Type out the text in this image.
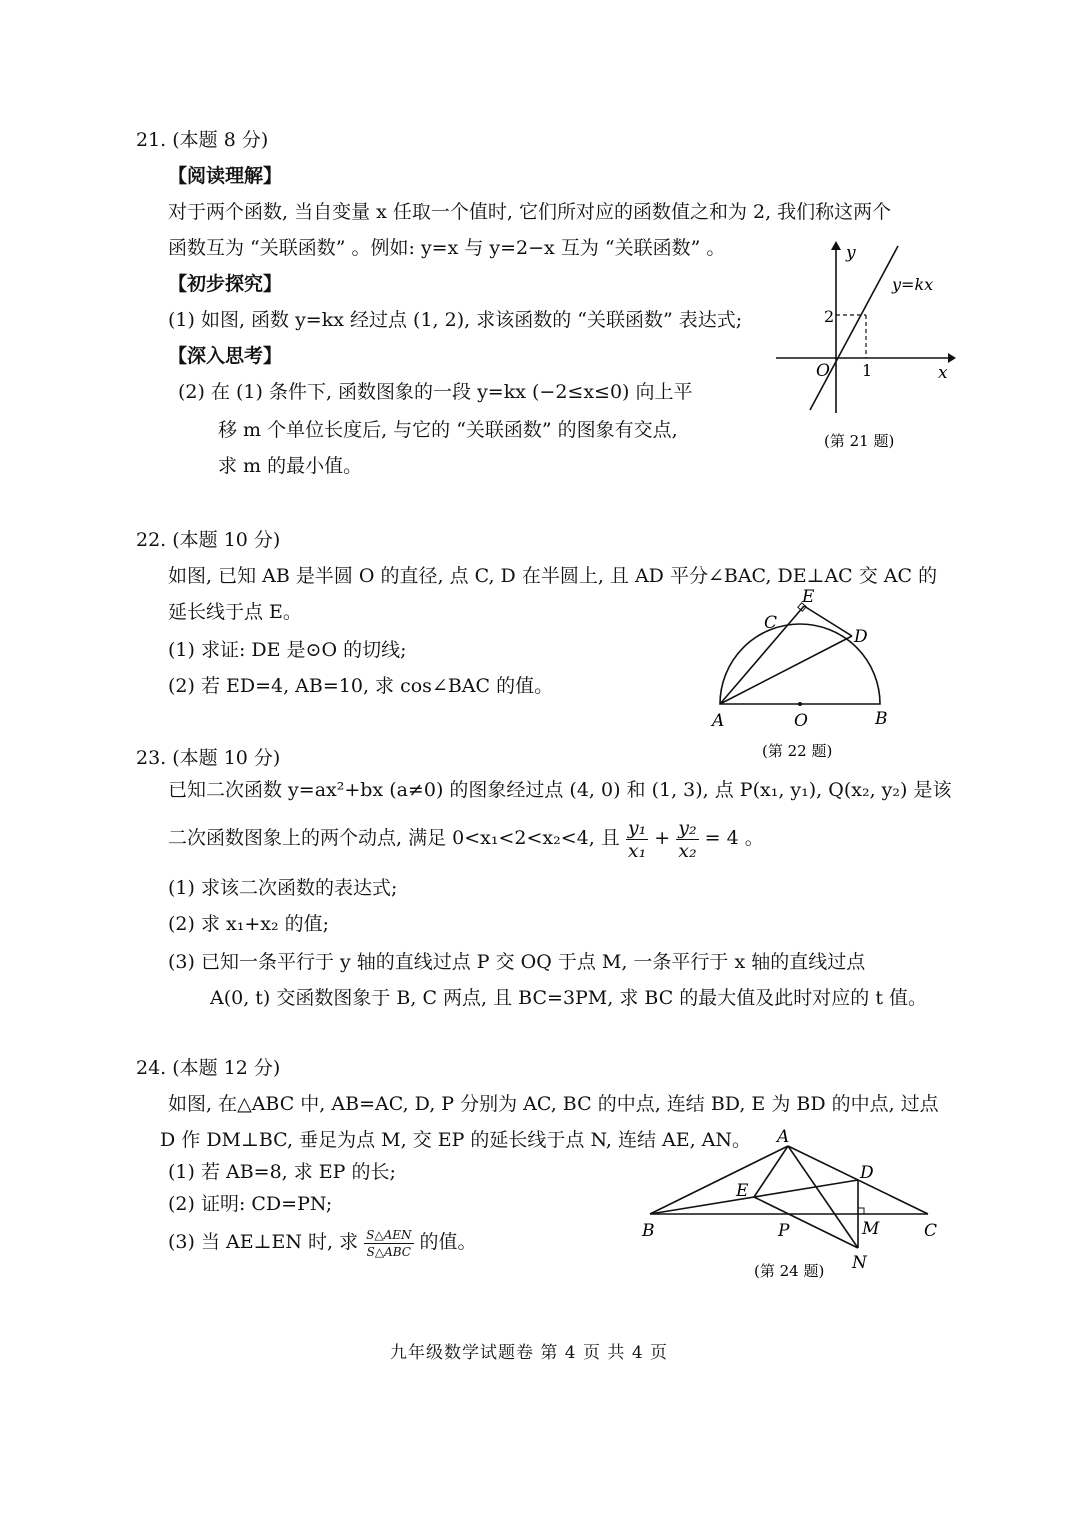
21. (本题 8 分)
【阅读理解】
对于两个函数, 当自变量 x 任取一个值时, 它们所对应的函数值之和为 2, 我们称这两个
函数互为 “关联函数” 。例如: y=x 与 y=2−x 互为 “关联函数” 。
【初步探究】
(1) 如图, 函数 y=kx 经过点 (1, 2), 求该函数的 “关联函数” 表达式;
【深入思考】
(2) 在 (1) 条件下, 函数图象的一段 y=kx (−2≤x≤0) 向上平
移 m 个单位长度后, 与它的 “关联函数” 的图象有交点,
求 m 的最小值。
y
x
O
2
1
y=kx
(第 21 题)
22. (本题 10 分)
如图, 已知 AB 是半圆 O 的直径, 点 C, D 在半圆上, 且 AD 平分∠BAC, DE⊥AC 交 AC 的
延长线于点 E。
(1) 求证: DE 是⊙O 的切线;
(2) 若 ED=4, AB=10, 求 cos∠BAC 的值。
A	O	B
C
D
E
(第 22 题)
23. (本题 10 分)
已知二次函数 y=ax²+bx (a≠0) 的图象经过点 (4, 0) 和 (1, 3), 点 P(x₁, y₁), Q(x₂, y₂) 是该
二次函数图象上的两个动点, 满足 0<x₁<2<x₂<4, 且 $\frac{\text{y₁}}{\text{x₁}} + \frac{\text{y₂}}{\text{x₂}} = 4$ 。
(1) 求该二次函数的表达式;
(2) 求 x₁+x₂ 的值;
(3) 已知一条平行于 y 轴的直线过点 P 交 OQ 于点 M, 一条平行于 x 轴的直线过点
A(0, t) 交函数图象于 B, C 两点, 且 BC=3PM, 求 BC 的最大值及此时对应的 t 值。
24. (本题 12 分)
如图, 在△ABC 中, AB=AC, D, P 分别为 AC, BC 的中点, 连结 BD, E 为 BD 的中点, 过点
D 作 DM⊥BC, 垂足为点 M, 交 EP 的延长线于点 N, 连结 AE, AN。
(1) 若 AB=8, 求 EP 的长;
(2) 证明: CD=PN;
(3) 当 AE⊥EN 时, 求 S△AEN
S△ABC 的值。
A
B	C
D
E
P	M
N
(第 24 题)
九年级数学试题卷 第 4 页 共 4 页
